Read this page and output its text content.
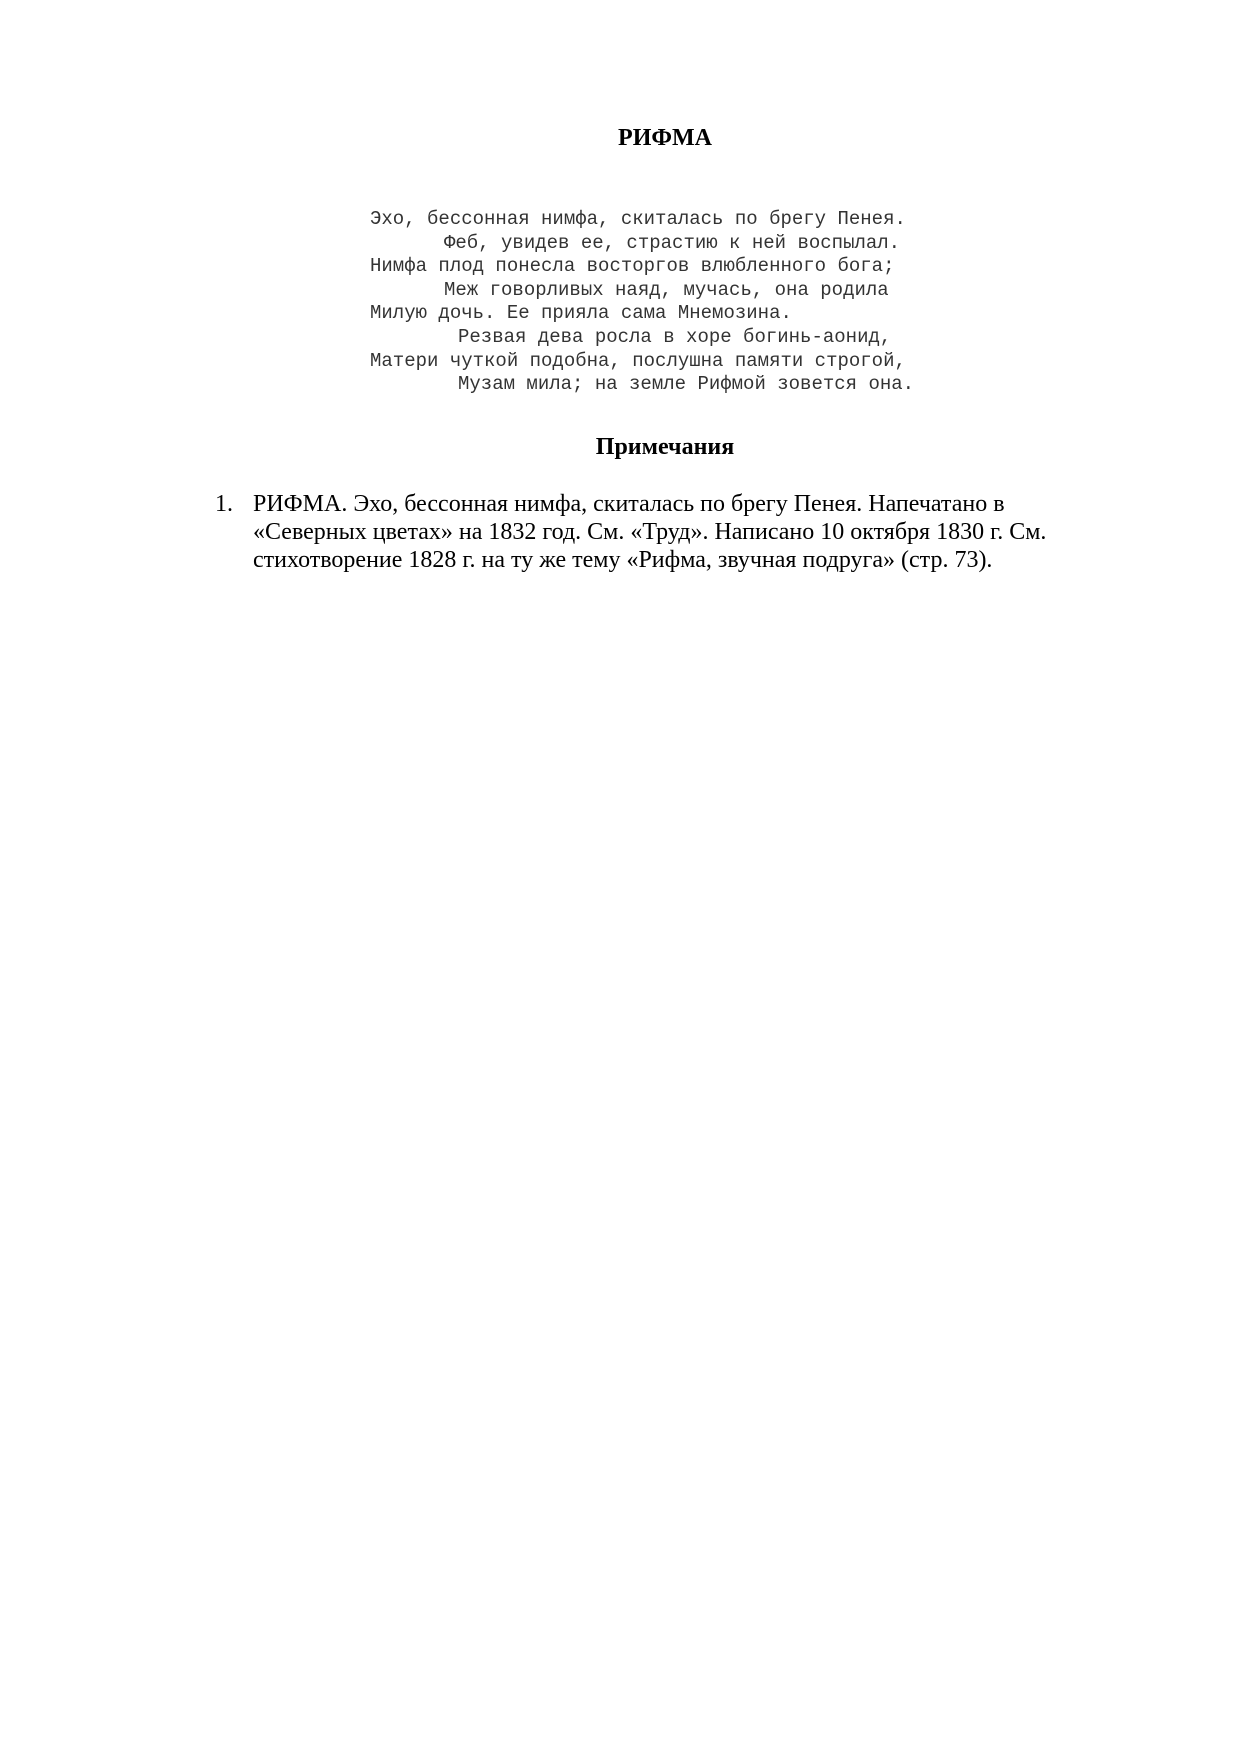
РИФМА
Эхо, бессонная нимфа, скиталась по брегу Пенея.
Феб, увидев ее, страстию к ней воспылал.
Нимфа плод понесла восторгов влюбленного бога;
Меж говорливых наяд, мучась, она родила
Милую дочь. Ее прияла сама Мнемозина.
Резвая дева росла в хоре богинь-аонид,
Матери чуткой подобна, послушна памяти строгой,
Музам мила; на земле Рифмой зовется она.
Примечания
1. РИФМА. Эхо, бессонная нимфа, скиталась по брегу Пенея. Напечатано в «Северных цветах» на 1832 год. См. «Труд». Написано 10 октября 1830 г. См. стихотворение 1828 г. на ту же тему «Рифма, звучная подруга» (стр. 73).
